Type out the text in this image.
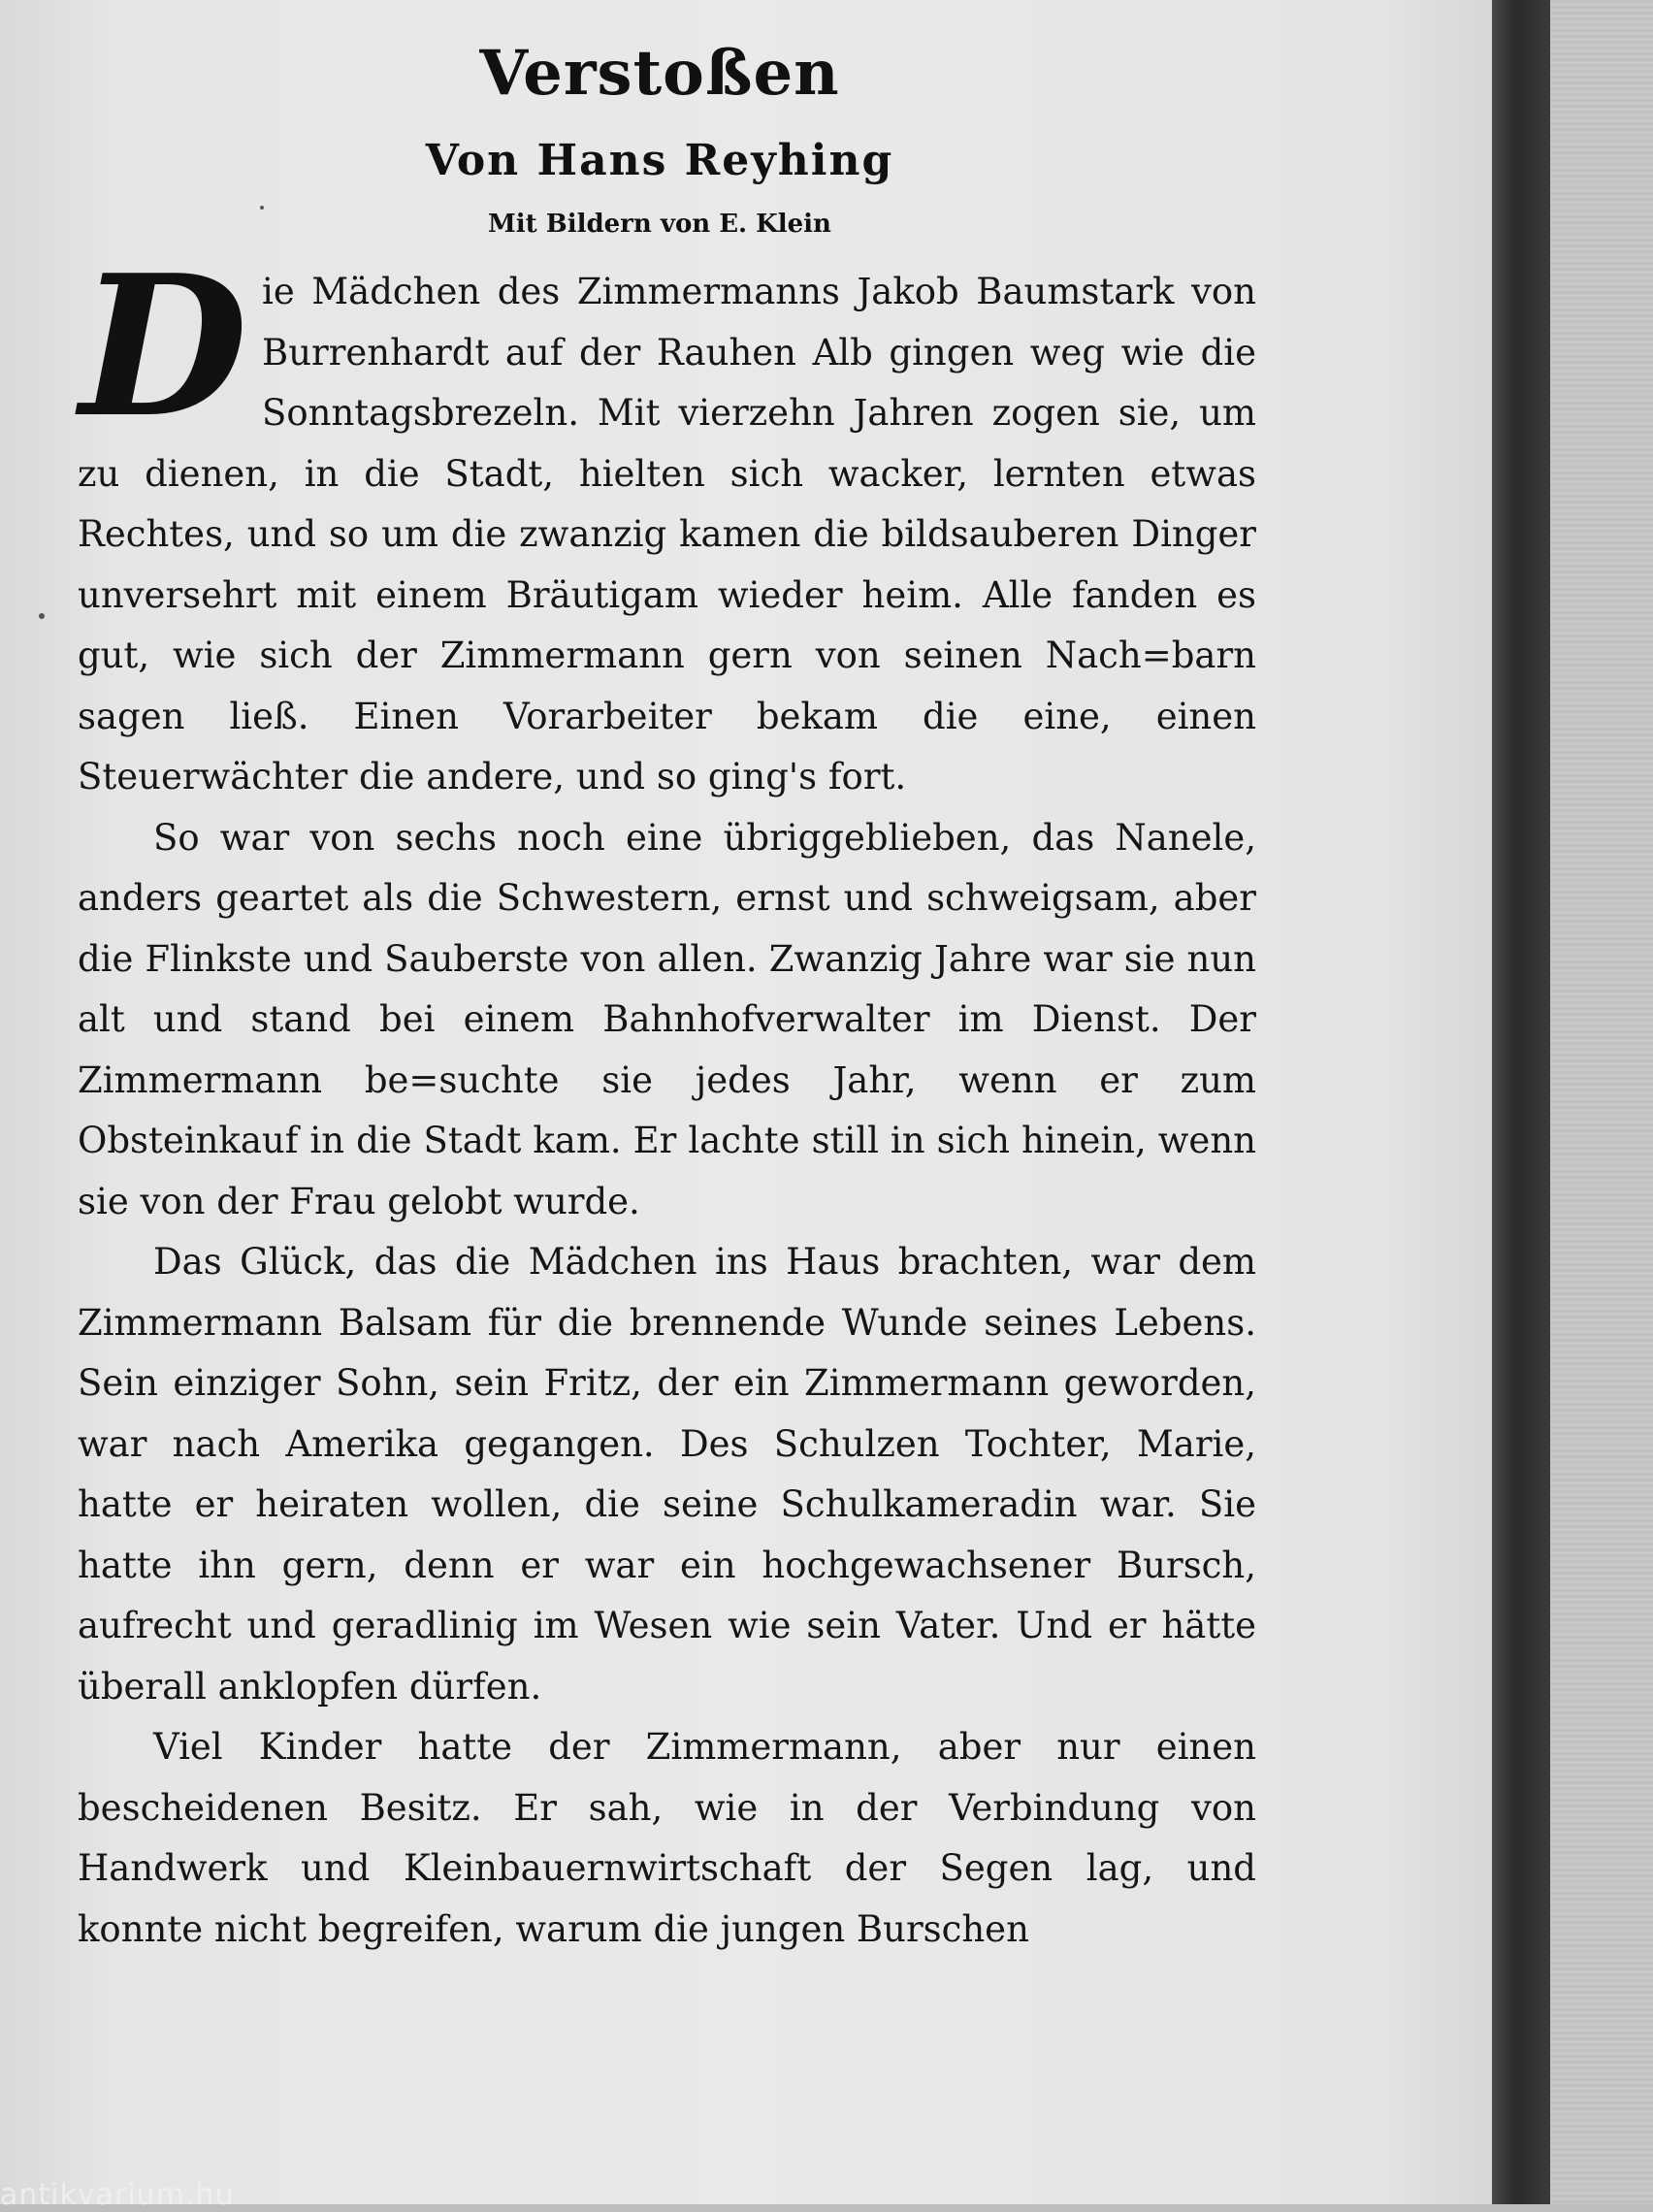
Verstoßen
Von Hans Reyhing
Mit Bildern von E. Klein
D ie Mädchen des Zimmermanns Jakob Baumstark von Burrenhardt auf der Rauhen Alb gingen weg wie die Sonntagsbrezeln. Mit vierzehn Jahren zogen sie, um zu dienen, in die Stadt, hielten sich wacker, lernten etwas Rechtes, und so um die zwanzig kamen die bildsauberen Dinger unversehrt mit einem Bräutigam wieder heim. Alle fanden es gut, wie sich der Zimmermann gern von seinen Nach=barn sagen ließ. Einen Vorarbeiter bekam die eine, einen Steuerwächter die andere, und so ging's fort.

So war von sechs noch eine übriggeblieben, das Nanele, anders geartet als die Schwestern, ernst und schweigsam, aber die Flinkste und Sauberste von allen. Zwanzig Jahre war sie nun alt und stand bei einem Bahnhofverwalter im Dienst. Der Zimmermann be=suchte sie jedes Jahr, wenn er zum Obsteinkauf in die Stadt kam. Er lachte still in sich hinein, wenn sie von der Frau gelobt wurde.

Das Glück, das die Mädchen ins Haus brachten, war dem Zimmermann Balsam für die brennende Wunde seines Lebens. Sein einziger Sohn, sein Fritz, der ein Zimmermann geworden, war nach Amerika gegangen. Des Schulzen Tochter, Marie, hatte er heiraten wollen, die seine Schulkameradin war. Sie hatte ihn gern, denn er war ein hochgewachsener Bursch, aufrecht und geradlinig im Wesen wie sein Vater. Und er hätte überall anklopfen dürfen.

Viel Kinder hatte der Zimmermann, aber nur einen bescheidenen Besitz. Er sah, wie in der Verbindung von Handwerk und Kleinbauernwirtschaft der Segen lag, und konnte nicht begreifen, warum die jungen Burschen

antikvarium.hu
